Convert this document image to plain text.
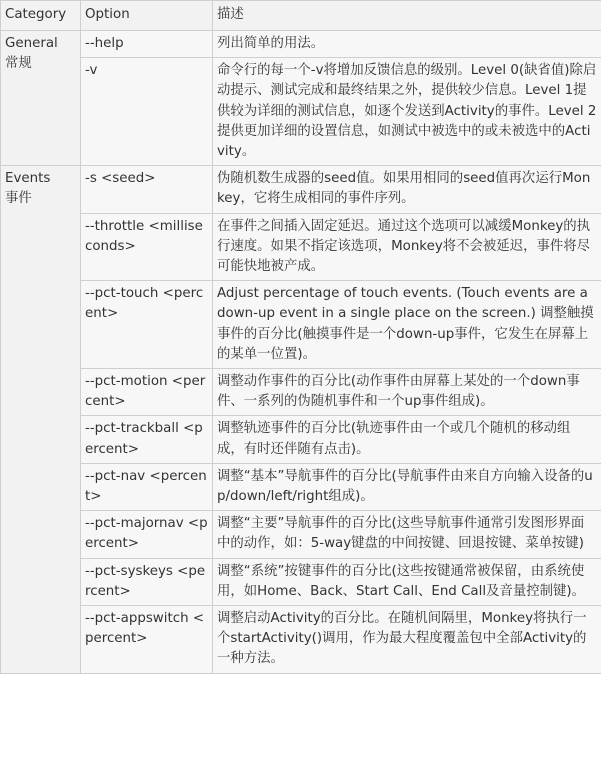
Category	Option	描述

General
常规	--help	列出简单的用法。
	-v	命令行的每一个-v将增加反馈信息的级别。Level 0(缺省值)除启动提示、测试完成和最终结果之外，提供较少信息。Level 1提供较为详细的测试信息，如逐个发送到Activity的事件。Level 2提供更加详细的设置信息，如测试中被选中的或未被选中的Activity。

Events
事件	-s <seed>	伪随机数生成器的seed值。如果用相同的seed值再次运行Monkey，它将生成相同的事件序列。
	--throttle <milliseconds>	在事件之间插入固定延迟。通过这个选项可以减缓Monkey的执行速度。如果不指定该选项，Monkey将不会被延迟，事件将尽可能快地被产成。
	--pct-touch <percent>	Adjust percentage of touch events. (Touch events are a down-up event in a single place on the screen.) 调整触摸事件的百分比(触摸事件是一个down-up事件，它发生在屏幕上的某单一位置)。
	--pct-motion <percent>	调整动作事件的百分比(动作事件由屏幕上某处的一个down事件、一系列的伪随机事件和一个up事件组成)。
	--pct-trackball <percent>	调整轨迹事件的百分比(轨迹事件由一个或几个随机的移动组成，有时还伴随有点击)。
	--pct-nav <percent>	调整“基本”导航事件的百分比(导航事件由来自方向输入设备的up/down/left/right组成)。
	--pct-majornav <percent>	调整“主要”导航事件的百分比(这些导航事件通常引发图形界面中的动作，如：5-way键盘的中间按键、回退按键、菜单按键)
	--pct-syskeys <percent>	调整“系统”按键事件的百分比(这些按键通常被保留，由系统使用，如Home、Back、Start Call、End Call及音量控制键)。
	--pct-appswitch <percent>	调整启动Activity的百分比。在随机间隔里，Monkey将执行一个startActivity()调用，作为最大程度覆盖包中全部Activity的一种方法。
